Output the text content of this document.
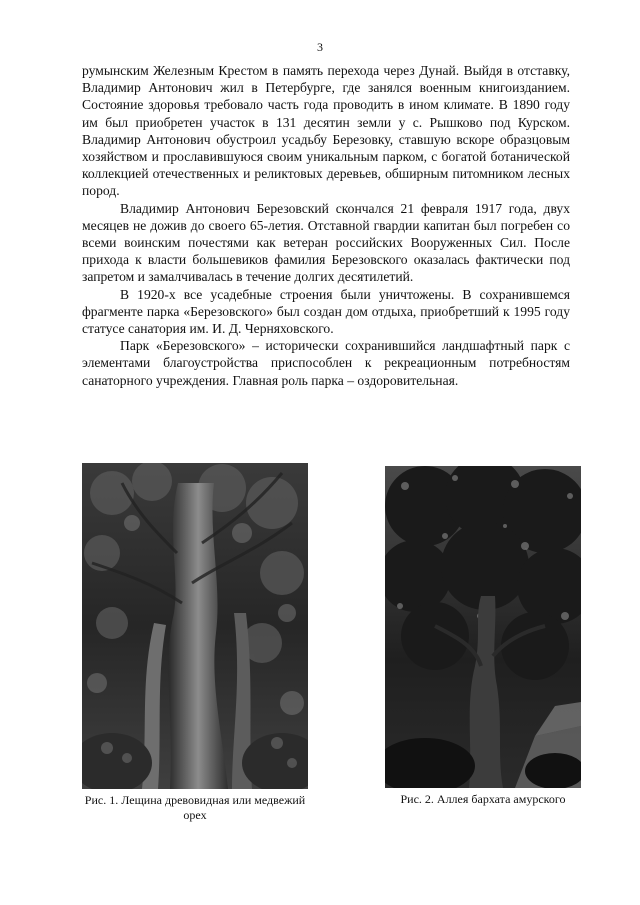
3

румынским Железным Крестом в память перехода через Дунай. Выйдя в отставку, Владимир Антонович жил в Петербурге, где занялся военным книгоизданием. Состояние здоровья требовало часть года проводить в ином климате. В 1890 году им был приобретен участок в 131 десятин земли у с. Рышково под Курском. Владимир Антонович обустроил усадьбу Березовку, ставшую вскоре образцовым хозяйством и прославившуюся своим уникальным парком, с богатой ботанической коллекцией отечественных и реликтовых деревьев, обширным питомником лесных пород.

Владимир Антонович Березовский скончался 21 февраля 1917 года, двух месяцев не дожив до своего 65-летия. Отставной гвардии капитан был погребен со всеми воинским почестями как ветеран российских Вооруженных Сил. После прихода к власти большевиков фамилия Березовского оказалась фактически под запретом и замалчивалась в течение долгих десятилетий.

В 1920-х все усадебные строения были уничтожены. В сохранившемся фрагменте парка «Березовского» был создан дом отдыха, приобретший к 1995 году статусе санатория им. И. Д. Черняховского.

Парк «Березовского» – исторически сохранившийся ландшафтный парк с элементами благоустройства приспособлен к рекреационным потребностям санаторного учреждения. Главная роль парка – оздоровительная.

Рис. 1. Лещина древовидная или медвежий орех
Рис. 2. Аллея бархата амурского
